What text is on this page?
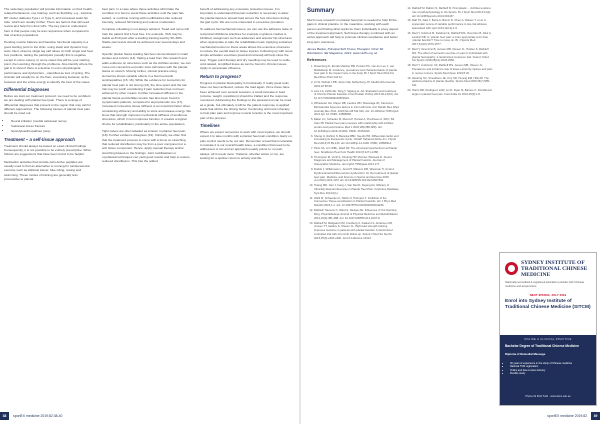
The sedentary population will provide information on their health-related behaviours; one training. such as flexibility, e.g., stamina, RP model, diabetes Type I or Type II, and increased waist hip ratio, which are usually further. There are factors that will need review and help from their GPs. The key point to understand here is that people may be less responsive when compared to that of active populations.

Pending muscle balance and baseline functional capacity is a good starting point to the clinic, using static and dynamic hop tests. Next, observe single leg calf raises on both single and heel foot positions, asking the participant (usually this is negative except in some cases). In some cases this will be your starting point, then working through the problems. Also identify where the gait is to show if there is a decline in one’s physiological performance and dysfunction – identified as loss of spring. The clinician will usually be on the floor, examining footwear, at the footwear and the entire energy to identify the best of the cases.

Differential Diagnoses

Before we start our treatment protocol, we need to be confident we are dealing with plantar heel pain. There is a range of differential diagnoses that present in the region that may call for different approaches. The following causes of plantar heel pain should be ruled out:

• Neural irritation (medial calcaneal nerve)
• Calcaneal stress fracture
• Spondyloarthropathies (rare)
Treatment – a self-tissue approach

Treatment should always be based on exact clinical findings. Consequently, it is not possible to be entirely prescriptive. What follows are suggestions that have been found to be helpful.

Medication activities that provide pain-Active peptides are usually used to find an alternative to running for cardiovascular exercise such as elliptical trainer, bike riding, rowing and swimming. These modes of training are generally less provocative to plantar

heel pain. In a case where these activities still irritate the condition it is best to avoid these activities until the pain has settled, or combine running with modifications like reduced intensity, reduced hill training and volume moderation.

Complete unloading is not always advised. Tread and serve will help the patient find it heel free. For example, VAS may be stable at 3/10 pain after a loading training load by 50–60%. Stable pain levels should be achieved over several days and weeks.

Specific plantar fascia loading has been demonstrated in small studies and cohorts (14). Taking a load from this research and adds evidence on structures such as the Achilles tendon, we can move into concentric-eccentric slow calf raises with the plantar fascia on stretch. Moving further, clinical practice using isometrics shows variable effects in a few heel-lamb tendinopathies (15, 16). While the evidence for isometrics for plantar heel pain is not strong (13), the time spent and the low risk may be worth considering if pain reduction has not been achieved by other means. Further increased stiffness in the plantar fascia and Achilles tendon has also been found in symptomatic patients, compared to asymptomatic one (17). Increased connective tissue stiffness is an important factor when considering efficiency and ability to store and release energy. We know that strength improves mechanical stiffness of tendinous structures, which in turn improves function. It creates a logical choice for rehabilitation, particularly in the active populations.

Tight calves are often labelled as a factor in plantar heel pain (18). Further evidence disagrees (19). Clinically, we often find that the treatment process to come with a focus on stretching that reduced dorsiflexion may be from a poor component or a soft tissue component. Hence, apply manual therapy and/or stretching based on the findings. Joint mobilisations or myofascial techniques can yield good results and help to restore reduced dorsiflexion. This has the added

benefit of addressing any excessive protection issues. It is important to understand that pain reduction is necessary to allow the plantar fascia to spread load across the foot structures during the gait cycle. We are more interested in excessive pronation.

To address biomechanical issues, we can use the adhesive taste of reciprocal inhibitions practices for example in gluteus medius is inhibited, assignment such as adductors and anterior hip structures when appropriate to take the rehabilitation load. Applying sustained mechanical tension to these areas allows the extensive structures to reduce the overall load on tissue injuries. Following up with some simple activation exercises (load and retrieval) will help close the loop. Trigger point therapy and dry needling may be used to settle cold-related, simplified tissue as can be found in chronic issues. Apply to accentuate influence.

Return to progress?

Progress in plantar fasciopathy is functionally. If really great tools have not been achieved, reduce the load again. Once these have been achieved over several sessions, a small increase in load (volume, weight, repetitions) should be trialled and the response monitored. Addressing the findings to the assessment can be used as a guide, but ultimately it will be the patient response to applied loads that will be the driving factor. Continuing until return therapy to help plan pain and improve muscle function is the most important part of the process.

Timelines

Where we expect recoveries to work with most injuries, we should expect it to take months with a plantar heel pain condition. Early on, pain control needs to be our aim. Remember a load that is tolerable to tolerate it is our overall health issue, a condition that need to be addressed. A mix and an approach usually points to ‘no pain always. all it needs more’. Patients, whether active or not, are looking for a quicker return to activity and life.

38	sportEX medicine 2019;82:38-40
Summary

Much more research on plantar heel pain is needed to help fill the gaps in clinical practice. In the meantime, working with each person and finding what works for them individually is a key aspect of the treatment approach. Soft tissue therapy combined with an active approach will help to promote clinical compliance and better long-term outcomes.

James Barker, Principal Soft Tissue Therapist. Clinic Mr. Wimbledon. SE Magazine, 2019. www.stuffs.org.uk

References
1. Rosenberg D, Emrahi Zatitzer BB, Pocaini PC, van der Lee J, van Middelkoop M. Incidence, prevalence and characterization of plantar heel pain in the impact more in the body. Br J Sport Med 2011;0:A Med Bmo 2012;143:12.
2. Ar W, Wolrab J BB, Joiner GE, Deffenberg JH. Medizinicherzentral 2002;18:58-68.
3. Lam LS, Ashib AE, Tang T, Sigiang et. Ad. Evaluation and treatment of Chronic Plantar Fasciitis. Front Pediatr Orthop 2013;00-13(15): doi 10.1177/2309499018604922.
4. Whiteleder GA, Mayer RB, Landus WN, Mavaraga JD, Kamora A. Biomaterials Sciences factors in Joint arthrosis. Ann Rehab Mes (Med Journal) Res 2011. 2023;Nov.28:511-520. doi: 10.1002/ssi.7038 Apub 2021 Apr 13. PMID: 33896866.
5. Baker LC, Schaufer M, Rivera P, Hansel A, Prenhauer A. RKC, Bit Cam PK Plantar heel pain pressure with relationship with Achilles tendon and performance Med J 2020;281(385-389). doi: 10.1136/bjsm-2019-101460. PMID: 33154426.
6. Sheng G, Rahimi N, Baranta RBD, Suedin HR. Differential cardio and increasing its therapeutic Cycle. CD-EP Hehavna Reihe Am J Sport Med 2016;76:89-143. doi 10.1128/jo-14-3190. PMID: 26896914.
7. Pinto VA, Lim WBL, Ward RF. The structural imperfections at Plantar heel. Smalltown Heel Foot Health 2014;5:1271-1288.
8. Thompson M, Vortil S, Chesing HP, Mcrozer Weissels D. Sound Diagnosis and Management of Plantar Fascitis. Journal of Osteopathic Medicine. doi.org/10.7556/jaoa.2014.177.
9. Dodds J, Williamson L, Arra RT, Wilsons RM, Wiesman H, Cook A. Dysfunctional Achilles tendon dysfunction: for the treatment of plantar heel pain. Medicine and Science in Sports and Exercise 2006 Jun;00(6):1161-1167 doi 10.1249/MSS.0b013e3182780d.
10. Huang MR, Jain J, Fang J, Van Niel D, Dejong KA. Efficacy of Clinically Relevant Exercise in Plantar Heel Pain. Cochrane Database Syst Rev 2014;0(1).
11. Wahl M, Schaeckel C, Tahlin N, Hofmann T. Inhibition of the Connective Tissue sensitisation in Plantar Fasciitis. Am J Phys Med Rehabil 2019;1-4. doi: 10.1097/PHM.0000000000001186.
12. Rathleff, Stevens C, Ward S, Nielsen AE. Influences of Cut Sporting Ring. PhysioMedeqa Journal of Physical Medicine and Rehabilitation 2014;24(4):381-388. doi: 10.1007/s00556-014-0207-8.
13. Rathleff M, Mølgaard CM, Fredberg U, Kaalund S, Andersen KB, Jensen TT, Aaskov S, Olesen JL. High-load strength training improves outcome in patients with plantar fasciitis: A randomized controlled trial with 12-month follow-up. Scand J Med Sci Sports 2015;25(3):e292-e300. doi:10.1111/sms.12313.
14. Rathleff M, Rahimi S, Rathleff R. Hmmplastic ... Achilles tendons: role of pathophysiology in the Sports. Br J Sport Med 2013;11(2): doi 10.1136/bjsports-2013-092437.
15. Ralf TS, Dale T, Beha A, Bonvir D, Chen A, Rokers T, et al. A systematic review of variable performance in low-risk athletes associated with spot 2014;11(12):1-9.
16. Riel H, Cotchett M, Delahunt E, Rathleff MS, Vicenzino B, Weir A, Landorf KB. Is ‘plantar heel pain’ a more appropriate term than ‘plantar fasciitis’? Time to move on. Br J Sports Med 2017;51(22):1576-1577.
17. Riel H, Vicenzino B, Jensen MB, Olesen JL, Holden S, Rathleff MS. The effect of isometric exercise on pain in individuals with plantar fasciopathy: a randomized crossover trial. Scand J Med Sci Sports 2018;28(12):2643-2650.
18. Riel H, Lindstrom CF, Rathleff MS, Jensen MB, Olesen JL. Prevalence and incidence rate of lower-extremity injuries and pain in novice runners. Sports Med Open 2019;5:20.
19. Wearing SC, Smeathers JE, Urry SR, Hennig EM, Hills AP. The pathomechanics of plantar fasciitis. Sports Med 2006;36(7):585-611.
20. Harris RB, Rodriguez JAW, Lin D, Ryan M, Barnes C. Dorsiflexion angle in plantar heel pain. Foot Ankle Int 2019;25(3):1-8.
SYDNEY INSTITUTE OF TRADITIONAL CHINESE MEDICINE
Nationally accredited & registered education provider with Chinese medicine and acupuncture
NEXT INTAKE: JULY 2019
Enrol into Sydney Institute of Traditional Chinese Medicine (SITCM)
ONLINE & CLINICAL PRACTICE
Bachelor Degree of Traditional Chinese Medicine
Diploma of Remedial Massage
• 30 years of experience in the study of Chinese medicine
• National TCM registration
• Online and face-to-face delivery
• Flexible study
Phone 02 9211 5111 · www.sitcm.edu.au
sportEX medicine 2019;82	39
